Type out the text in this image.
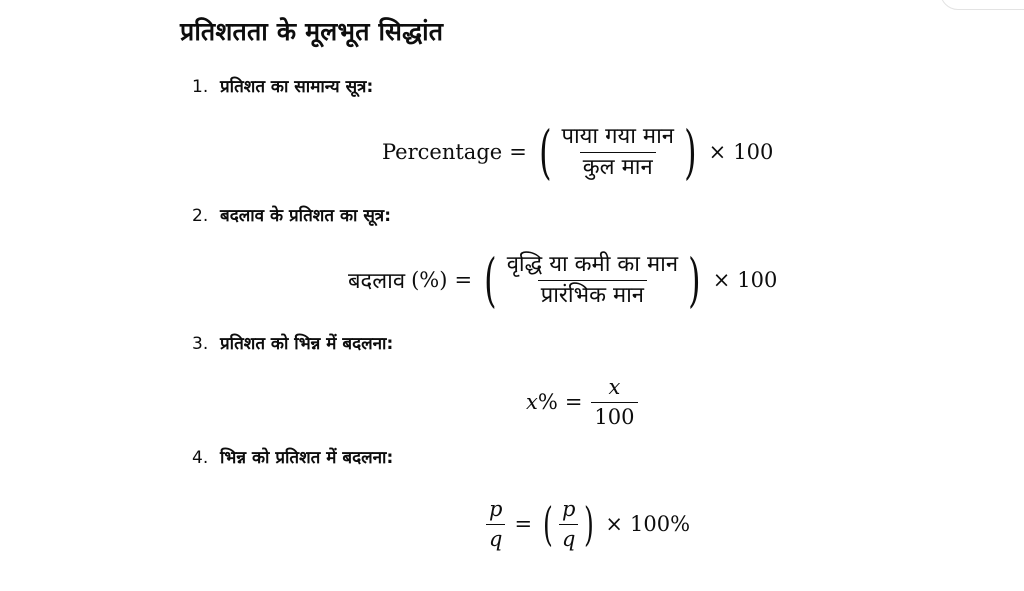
प्रतिशतता के मूलभूत सिद्धांत
1. प्रतिशत का सामान्य सूत्र:
Percentage = ( $\frac{\text{पाया गया मान}}{\text{कुल मान}}$ ) × 100
2. बदलाव के प्रतिशत का सूत्र:
बदलाव (%) = ( $\frac{\text{वृद्धि या कमी का मान}}{\text{प्रारंभिक मान}}$ ) × 100
3. प्रतिशत को भिन्न में बदलना:
x % = $\frac{x}{100}$
4. भिन्न को प्रतिशत में बदलना:
$\frac{p}{q}$ = ( $\frac{p}{q}$ ) × 100%
